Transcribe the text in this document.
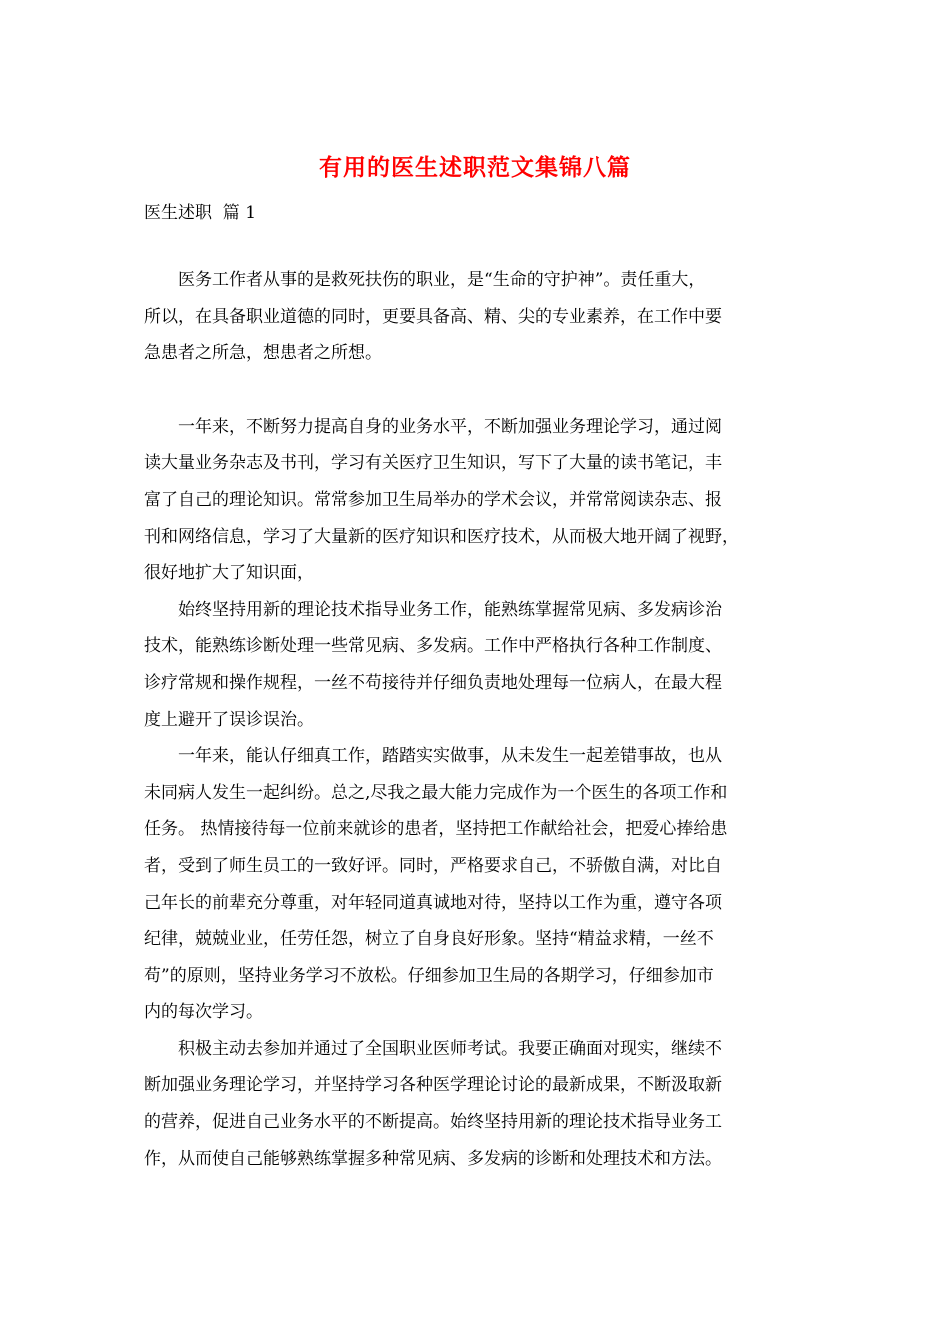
有用的医生述职范文集锦八篇
医生述职  篇 1
　　医务工作者从事的是救死扶伤的职业，是“生命的守护神”。责任重大，
所以，在具备职业道德的同时，更要具备高、精、尖的专业素养，在工作中要
急患者之所急，想患者之所想。
　　一年来，不断努力提高自身的业务水平，不断加强业务理论学习，通过阅
读大量业务杂志及书刊，学习有关医疗卫生知识，写下了大量的读书笔记，丰
富了自己的理论知识。常常参加卫生局举办的学术会议，并常常阅读杂志、报
刊和网络信息，学习了大量新的医疗知识和医疗技术，从而极大地开阔了视野，
很好地扩大了知识面，
　　始终坚持用新的理论技术指导业务工作，能熟练掌握常见病、多发病诊治
技术，能熟练诊断处理一些常见病、多发病。工作中严格执行各种工作制度、
诊疗常规和操作规程，一丝不苟接待并仔细负责地处理每一位病人，在最大程
度上避开了误诊误治。
　　一年来，能认仔细真工作，踏踏实实做事，从未发生一起差错事故，也从
未同病人发生一起纠纷。总之,尽我之最大能力完成作为一个医生的各项工作和
任务。 热情接待每一位前来就诊的患者，坚持把工作献给社会，把爱心捧给患
者，受到了师生员工的一致好评。同时，严格要求自己，不骄傲自满，对比自
己年长的前辈充分尊重，对年轻同道真诚地对待，坚持以工作为重，遵守各项
纪律，兢兢业业，任劳任怨，树立了自身良好形象。坚持“精益求精，一丝不
苟”的原则，坚持业务学习不放松。仔细参加卫生局的各期学习，仔细参加市
内的每次学习。
　　积极主动去参加并通过了全国职业医师考试。我要正确面对现实，继续不
断加强业务理论学习，并坚持学习各种医学理论讨论的最新成果，不断汲取新
的营养，促进自己业务水平的不断提高。始终坚持用新的理论技术指导业务工
作，从而使自己能够熟练掌握多种常见病、多发病的诊断和处理技术和方法。
